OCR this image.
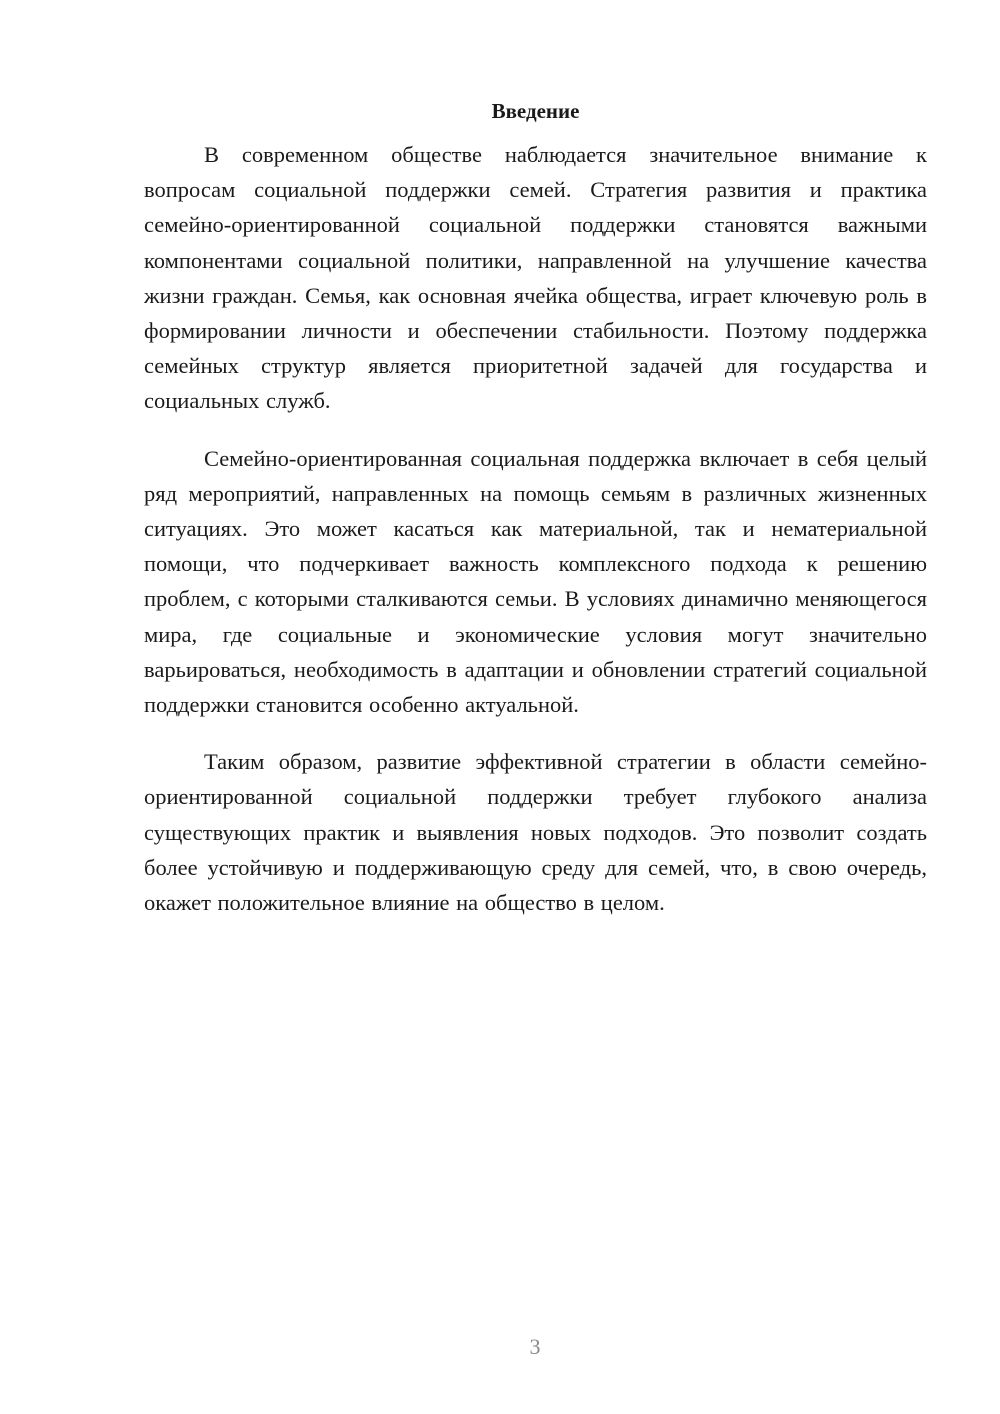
Введение

В современном обществе наблюдается значительное внимание к вопросам социальной поддержки семей. Стратегия развития и практика семейно-ориентированной социальной поддержки становятся важными компонентами социальной политики, направленной на улучшение качества жизни граждан. Семья, как основная ячейка общества, играет ключевую роль в формировании личности и обеспечении стабильности. Поэтому поддержка семейных структур является приоритетной задачей для государства и социальных служб.

Семейно-ориентированная социальная поддержка включает в себя целый ряд мероприятий, направленных на помощь семьям в различных жизненных ситуациях. Это может касаться как материальной, так и нематериальной помощи, что подчеркивает важность комплексного подхода к решению проблем, с которыми сталкиваются семьи. В условиях динамично меняющегося мира, где социальные и экономические условия могут значительно варьироваться, необходимость в адаптации и обновлении стратегий социальной поддержки становится особенно актуальной.

Таким образом, развитие эффективной стратегии в области семейно-ориентированной социальной поддержки требует глубокого анализа существующих практик и выявления новых подходов. Это позволит создать более устойчивую и поддерживающую среду для семей, что, в свою очередь, окажет положительное влияние на общество в целом.

3
